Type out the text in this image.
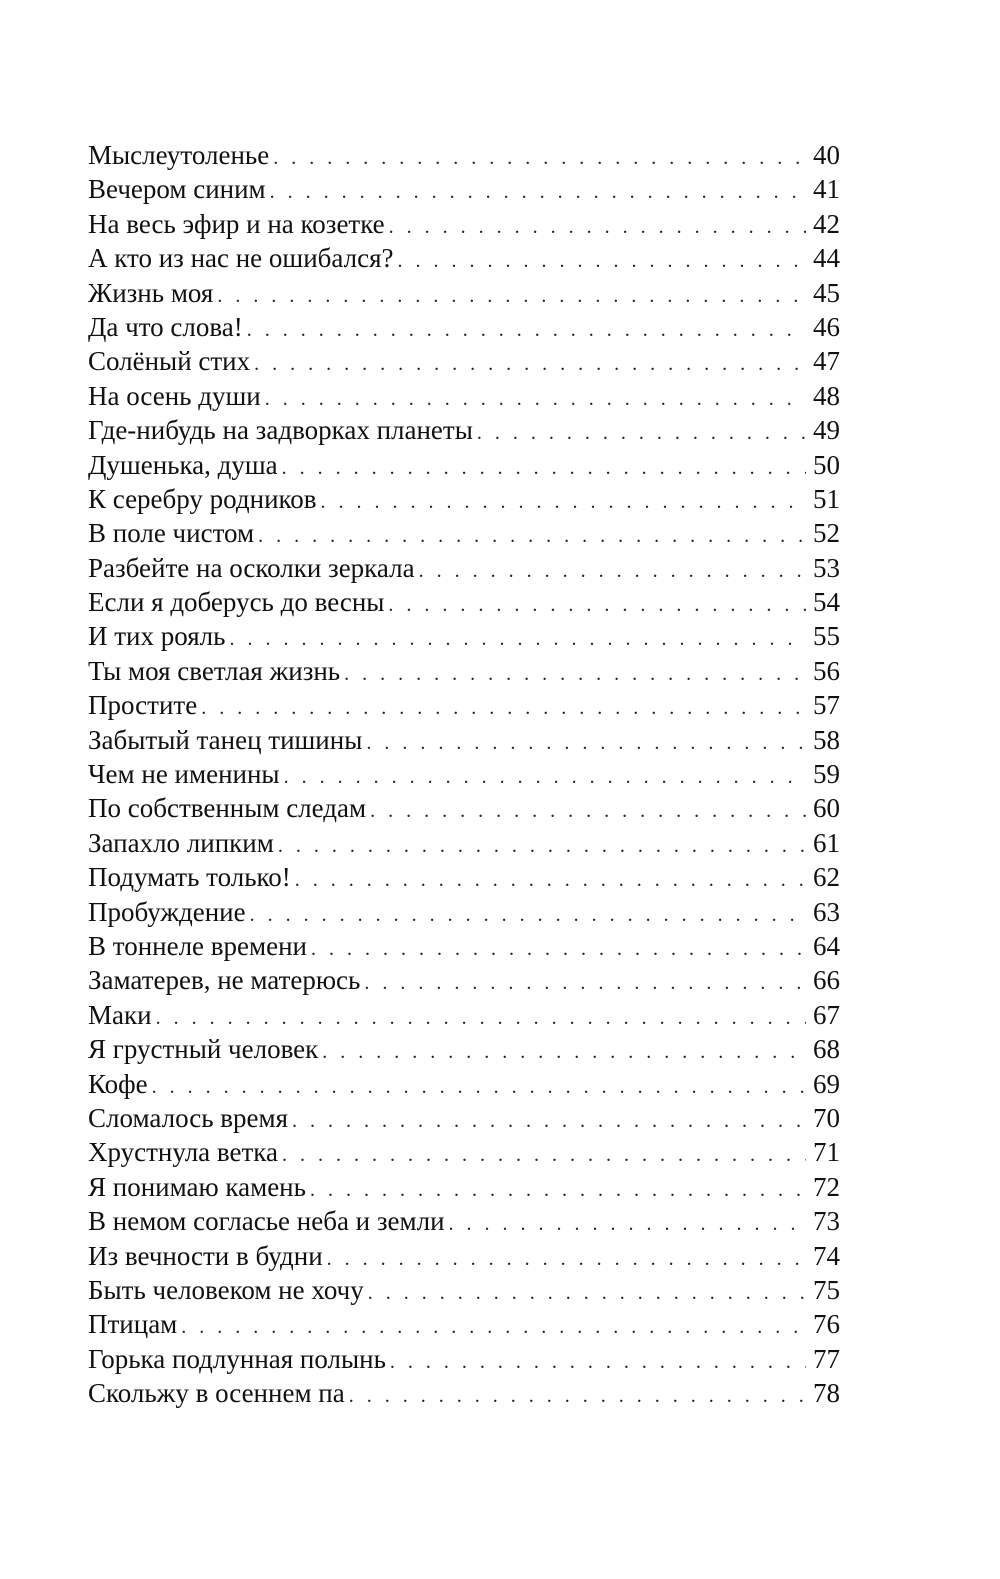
Мыслеутоленье . . .	40
Вечером синим . . .	41
На весь эфир и на козетке . . .	42
А кто из нас не ошибался? . . .	44
Жизнь моя . . .	45
Да что слова! . . .	46
Солёный стих . . .	47
На осень души . . .	48
Где-нибудь на задворках планеты . . .	49
Душенька, душа . . .	50
К серебру родников . . .	51
В поле чистом . . .	52
Разбейте на осколки зеркала . . .	53
Если я доберусь до весны . . .	54
И тих рояль . . .	55
Ты моя светлая жизнь . . .	56
Простите . . .	57
Забытый танец тишины . . .	58
Чем не именины . . .	59
По собственным следам . . .	60
Запахло липким . . .	61
Подумать только! . . .	62
Пробуждение . . .	63
В тоннеле времени . . .	64
Заматерев, не матерюсь . . .	66
Маки . . .	67
Я грустный человек . . .	68
Кофе . . .	69
Сломалось время . . .	70
Хрустнула ветка . . .	71
Я понимаю камень . . .	72
В немом согласье неба и земли . . .	73
Из вечности в будни . . .	74
Быть человеком не хочу . . .	75
Птицам . . .	76
Горька подлунная полынь . . .	77
Скольжу в осеннем па . . .	78
